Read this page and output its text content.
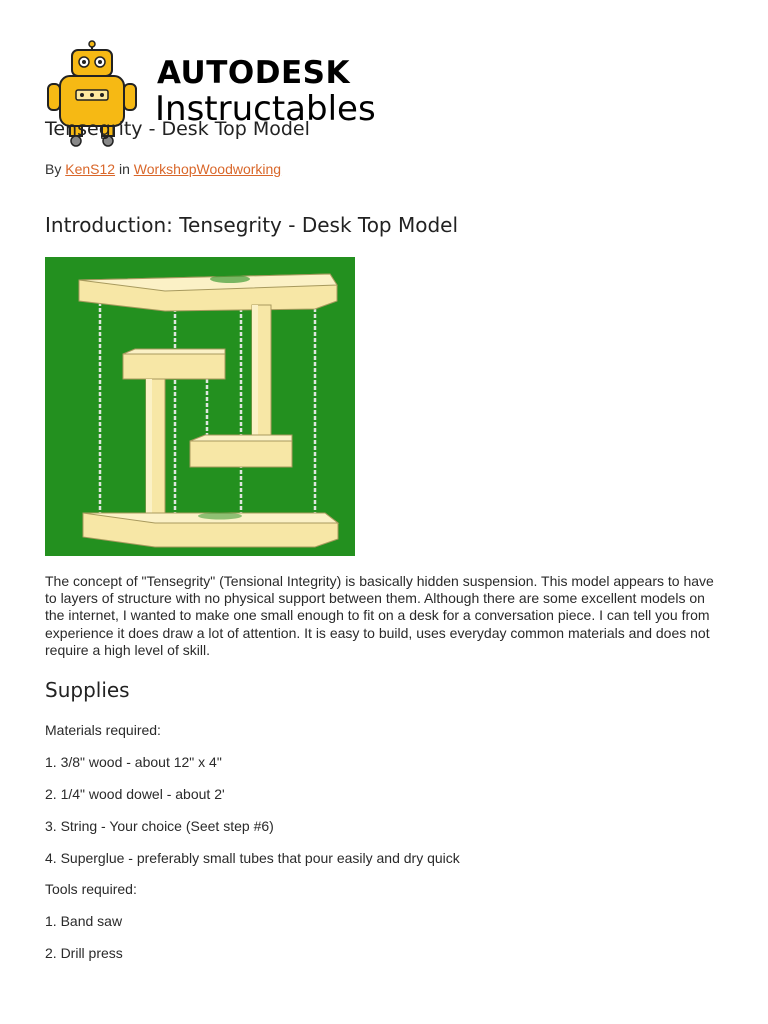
AUTODESK
Instructables
Tensegrity - Desk Top Model
By KenS12 in WorkshopWoodworking
Introduction: Tensegrity - Desk Top Model

The concept of "Tensegrity" (Tensional Integrity) is basically hidden suspension. This model appears to have to layers of structure with no physical support between them. Although there are some excellent models on the internet, I wanted to make one small enough to fit on a desk for a conversation piece. I can tell you from experience it does draw a lot of attention. It is easy to build, uses everyday common materials and does not require a high level of skill.

Supplies

Materials required:

1. 3/8" wood - about 12" x 4"

2. 1/4" wood dowel - about 2'

3. String - Your choice (Seet step #6)

4. Superglue - preferably small tubes that pour easily and dry quick

Tools required:

1. Band saw

2. Drill press
